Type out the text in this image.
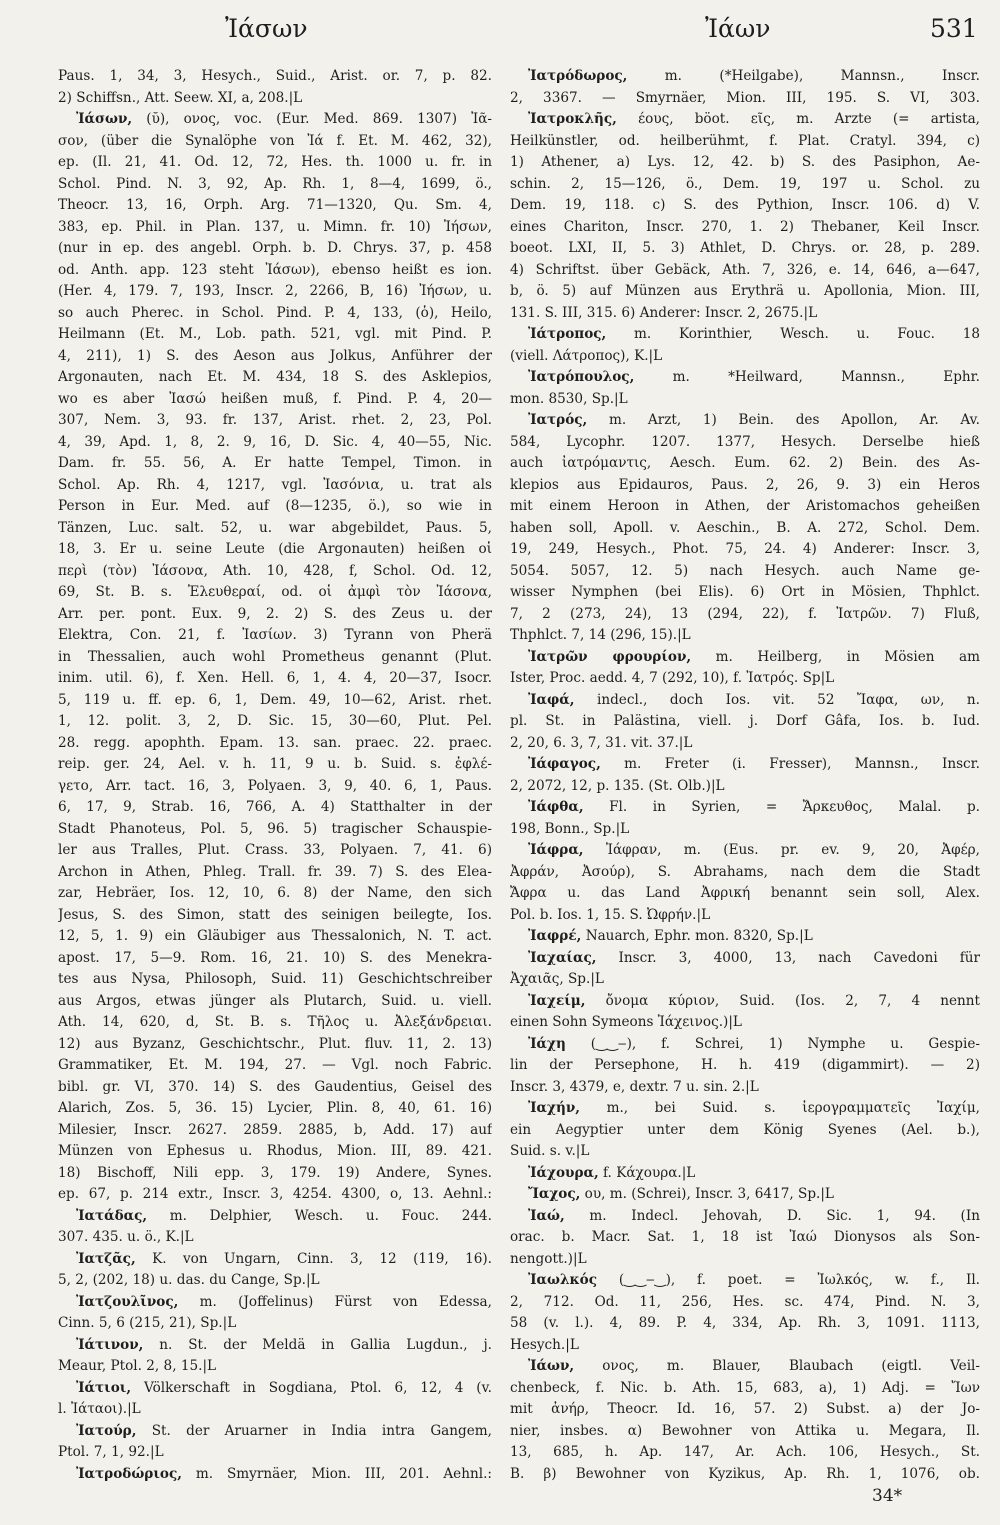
Ἰάσων	Ἰάων	531
Paus. 1, 34, 3, Hesych., Suid., Arist. or. 7, p. 82.
2) Schiffsn., Att. Seew. XI, a, 208.|L
Ἰάσων, (ῠ), ονος, voc. (Eur. Med. 869. 1307) Ἰᾶ-
σον, (über die Synalöphe von Ἰά f. Et. M. 462, 32),
ep. (Il. 21, 41. Od. 12, 72, Hes. th. 1000 u. fr. in
Schol. Pind. N. 3, 92, Ap. Rh. 1, 8—4, 1699, ö.,
Theocr. 13, 16, Orph. Arg. 71—1320, Qu. Sm. 4,
383, ep. Phil. in Plan. 137, u. Mimn. fr. 10) Ἰήσων,
(nur in ep. des angebl. Orph. b. D. Chrys. 37, p. 458
od. Anth. app. 123 steht Ἰάσων), ebenso heißt es ion.
(Her. 4, 179. 7, 193, Inscr. 2, 2266, B, 16) Ἰήσων, u.
so auch Pherec. in Schol. Pind. P. 4, 133, (ὁ), Heilo,
Heilmann (Et. M., Lob. path. 521, vgl. mit Pind. P.
4, 211), 1) S. des Aeson aus Jolkus, Anführer der
Argonauten, nach Et. M. 434, 18 S. des Asklepios,
wo es aber Ἰασώ heißen muß, f. Pind. P. 4, 20—
307, Nem. 3, 93. fr. 137, Arist. rhet. 2, 23, Pol.
4, 39, Apd. 1, 8, 2. 9, 16, D. Sic. 4, 40—55, Nic.
Dam. fr. 55. 56, A. Er hatte Tempel, Timon. in
Schol. Ap. Rh. 4, 1217, vgl. Ἰασόνια, u. trat als
Person in Eur. Med. auf (8—1235, ö.), so wie in
Tänzen, Luc. salt. 52, u. war abgebildet, Paus. 5,
18, 3. Er u. seine Leute (die Argonauten) heißen οἱ
περὶ (τὸν) Ἰάσονα, Ath. 10, 428, f, Schol. Od. 12,
69, St. B. s. Ἐλευθεραί, od. οἱ ἀμφὶ τὸν Ἰάσονα,
Arr. per. pont. Eux. 9, 2. 2) S. des Zeus u. der
Elektra, Con. 21, f. Ἰασίων. 3) Tyrann von Pherä
in Thessalien, auch wohl Prometheus genannt (Plut.
inim. util. 6), f. Xen. Hell. 6, 1, 4. 4, 20—37, Isocr.
5, 119 u. ff. ep. 6, 1, Dem. 49, 10—62, Arist. rhet.
1, 12. polit. 3, 2, D. Sic. 15, 30—60, Plut. Pel.
28. regg. apophth. Epam. 13. san. praec. 22. praec.
reip. ger. 24, Ael. v. h. 11, 9 u. b. Suid. s. ἐφλέ-
γετο, Arr. tact. 16, 3, Polyaen. 3, 9, 40. 6, 1, Paus.
6, 17, 9, Strab. 16, 766, A. 4) Statthalter in der
Stadt Phanoteus, Pol. 5, 96. 5) tragischer Schauspie-
ler aus Tralles, Plut. Crass. 33, Polyaen. 7, 41. 6)
Archon in Athen, Phleg. Trall. fr. 39. 7) S. des Elea-
zar, Hebräer, Ios. 12, 10, 6. 8) der Name, den sich
Jesus, S. des Simon, statt des seinigen beilegte, Ios.
12, 5, 1. 9) ein Gläubiger aus Thessalonich, N. T. act.
apost. 17, 5—9. Rom. 16, 21. 10) S. des Menekra-
tes aus Nysa, Philosoph, Suid. 11) Geschichtschreiber
aus Argos, etwas jünger als Plutarch, Suid. u. viell.
Ath. 14, 620, d, St. B. s. Τῆλος u. Ἀλεξάνδρειαι.
12) aus Byzanz, Geschichtschr., Plut. fluv. 11, 2. 13)
Grammatiker, Et. M. 194, 27. — Vgl. noch Fabric.
bibl. gr. VI, 370. 14) S. des Gaudentius, Geisel des
Alarich, Zos. 5, 36. 15) Lycier, Plin. 8, 40, 61. 16)
Milesier, Inscr. 2627. 2859. 2885, b, Add. 17) auf
Münzen von Ephesus u. Rhodus, Mion. III, 89. 421.
18) Bischoff, Nili epp. 3, 179. 19) Andere, Synes.
ep. 67, p. 214 extr., Inscr. 3, 4254. 4300, o, 13. Aehnl.:
Ἰατάδας, m. Delphier, Wesch. u. Fouc. 244.
307. 435. u. ö., K.|L
Ἰατζᾶς, K. von Ungarn, Cinn. 3, 12 (119, 16).
5, 2, (202, 18) u. das. du Cange, Sp.|L
Ἰατζουλῖνος, m. (Joffelinus) Fürst von Edessa,
Cinn. 5, 6 (215, 21), Sp.|L
Ἰάτινον, n. St. der Meldä in Gallia Lugdun., j.
Meaur, Ptol. 2, 8, 15.|L
Ἰάτιοι, Völkerschaft in Sogdiana, Ptol. 6, 12, 4 (v.
l. Ἰάταοι).|L
Ἰατούρ, St. der Aruarner in India intra Gangem,
Ptol. 7, 1, 92.|L
Ἰατροδώριος, m. Smyrnäer, Mion. III, 201. Aehnl.:
Ἰατρόδωρος,	m. (*Heilgabe), Mannsn., Inscr.
2, 3367. — Smyrnäer, Mion. III, 195. S. VI, 303.
Ἰατροκλῆς, έους, böot. εῖς, m. Arzte (= artista,
Heilkünstler, od. heilberühmt, f. Plat. Cratyl. 394, c)
1) Athener, a) Lys. 12, 42. b) S. des Pasiphon, Ae-
schin. 2, 15—126, ö., Dem. 19, 197 u. Schol. zu
Dem. 19, 118. c) S. des Pythion, Inscr. 106. d) V.
eines Chariton, Inscr. 270, 1. 2) Thebaner, Keil Inscr.
boeot. LXI, II, 5. 3) Athlet, D. Chrys. or. 28, p. 289.
4) Schriftst. über Gebäck, Ath. 7, 326, e. 14, 646, a—647,
b, ö. 5) auf Münzen aus Erythrä u. Apollonia, Mion. III,
131. S. III, 315. 6) Anderer: Inscr. 2, 2675.|L
Ἰάτροπος, m. Korinthier, Wesch. u. Fouc. 18
(viell. Λάτροπος), K.|L
Ἰατρόπουλος,	m. *Heilward, Mannsn., Ephr.
mon. 8530, Sp.|L
Ἰατρός, m. Arzt, 1) Bein. des Apollon, Ar. Av.
584, Lycophr. 1207. 1377, Hesych. Derselbe hieß
auch ἰατρόμαντις, Aesch. Eum. 62. 2) Bein. des As-
klepios aus Epidauros, Paus. 2, 26, 9. 3) ein Heros
mit einem Heroon in Athen, der Aristomachos geheißen
haben soll, Apoll. v. Aeschin., B. A. 272, Schol. Dem.
19, 249, Hesych., Phot. 75, 24. 4) Anderer: Inscr. 3,
5054. 5057, 12. 5) nach Hesych. auch Name ge-
wisser Nymphen (bei Elis). 6) Ort in Mösien, Thphlct.
7, 2 (273, 24), 13 (294, 22), f. Ἰατρῶν. 7) Fluß,
Thphlct. 7, 14 (296, 15).|L
Ἰατρῶν φρουρίον, m. Heilberg, in Mösien am
Ister, Proc. aedd. 4, 7 (292, 10), f. Ἰατρός. Sp|L
Ἰαφά, indecl., doch Ios. vit. 52 Ἴαφα, ων, n.
pl. St. in Palästina, viell. j. Dorf Gâfa, Ios. b. Iud.
2, 20, 6. 3, 7, 31. vit. 37.|L
Ἰάφαγος, m. Freter (i. Fresser), Mannsn., Inscr.
2, 2072, 12, p. 135. (St. Olb.)|L
Ἰάφθα, Fl. in Syrien, = Ἄρκευθος, Malal. p.
198, Bonn., Sp.|L
Ἰάφρα, Ἰάφραν, m. (Eus. pr. ev. 9, 20, Ἀφέρ,
Ἀφράν, Ἀσούρ), S. Abrahams, nach dem die Stadt
Ἄφρα u. das Land Ἀφρική benannt sein soll, Alex.
Pol. b. Ios. 1, 15. S. Ὠφρήν.|L
Ἰαφρέ, Nauarch, Ephr. mon. 8320, Sp.|L
Ἰαχαίας, Inscr. 3, 4000, 13, nach Cavedoni für
Ἀχαιᾶς, Sp.|L
Ἰαχείμ, ὄνομα κύριον, Suid. (Ios. 2, 7, 4 nennt
einen Sohn Symeons Ἰάχεινος.)|L
Ἰάχη (‿‿‒), f. Schrei, 1) Nymphe u. Gespie-
lin der Persephone, H. h. 419 (digammirt). — 2)
Inscr. 3, 4379, e, dextr. 7 u. sin. 2.|L
Ἰαχήν, m., bei Suid. s. ἱερογραμματεῖς Ἰαχίμ,
ein Aegyptier unter dem König Syenes (Ael. b.),
Suid. s. v.|L
Ἰάχουρα, f. Κάχουρα.|L
Ἴαχος, ου, m. (Schrei), Inscr. 3, 6417, Sp.|L
Ἰαώ, m. Indecl. Jehovah, D. Sic. 1, 94. (In
orac. b. Macr. Sat. 1, 18 ist Ἰαώ Dionysos als Son-
nengott.)|L
Ἰαωλκός (‿‿‒‿), f. poet. = Ἰωλκός, w. f., Il.
2, 712. Od. 11, 256, Hes. sc. 474, Pind. N. 3,
58 (v. l.). 4, 89. P. 4, 334, Ap. Rh. 3, 1091. 1113,
Hesych.|L
Ἰάων, ονος, m. Blauer, Blaubach (eigtl. Veil-
chenbeck, f. Nic. b. Ath. 15, 683, a), 1) Adj. = Ἴων
mit ἀνήρ, Theocr. Id. 16, 57. 2) Subst. a) der Jo-
nier, insbes. α) Bewohner von Attika u. Megara, Il.
13, 685, h. Ap. 147, Ar. Ach. 106, Hesych., St.
B. β) Bewohner von Kyzikus, Ap. Rh. 1, 1076, ob.
34*
